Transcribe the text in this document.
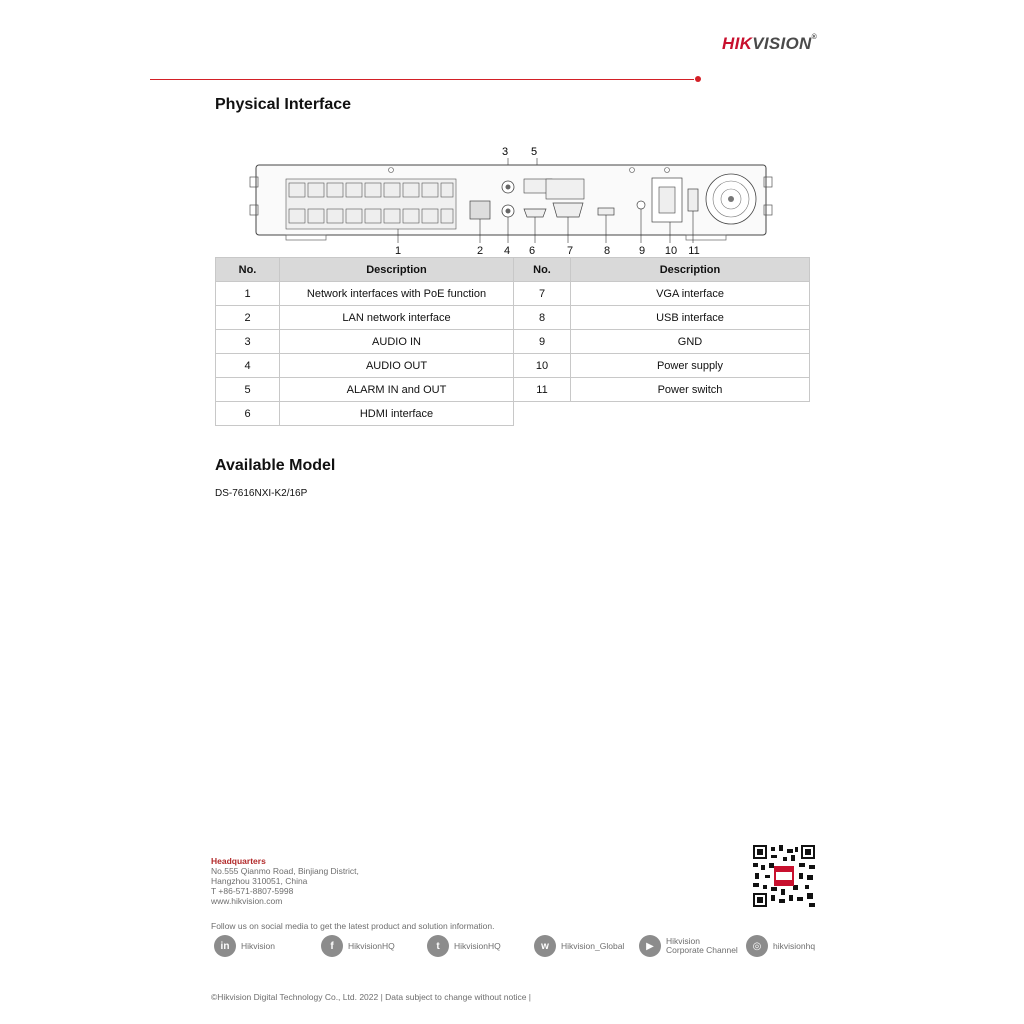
HIKVISION®
Physical Interface
3 5
1	2 4 6	7	8	9 10 11
No.	Description	No.	Description
1	Network interfaces with PoE function	7	VGA interface
2	LAN network interface	8	USB interface
3	AUDIO IN	9	GND
4	AUDIO OUT	10	Power supply
5	ALARM IN and OUT	11	Power switch
6	HDMI interface		
Available Model
DS-7616NXI-K2/16P
Headquarters
No.555 Qianmo Road, Binjiang District,
Hangzhou 310051, China
T +86-571-8807-5998
www.hikvision.com
Follow us on social media to get the latest product and solution information.
in	Hikvision	f	HikvisionHQ	t	HikvisionHQ	w	Hikvision_Global	▶	Hikvision
Corporate Channel	◎	hikvisionhq
©Hikvision Digital Technology Co., Ltd. 2022 | Data subject to change without notice |
